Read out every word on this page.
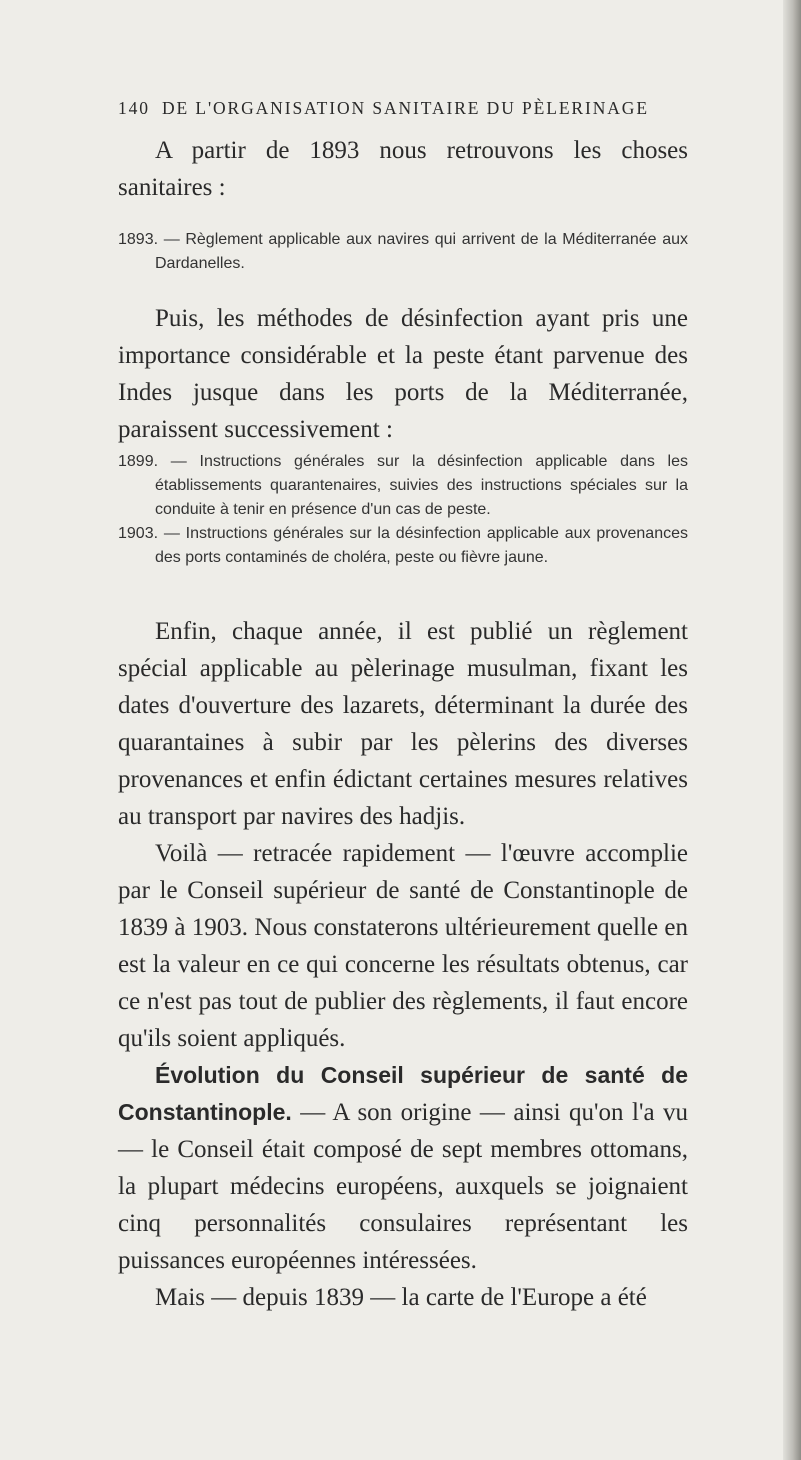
140 DE L'ORGANISATION SANITAIRE DU PÈLERINAGE

A partir de 1893 nous retrouvons les choses sanitaires :

1893. — Règlement applicable aux navires qui arrivent de la Méditerranée aux Dardanelles.

Puis, les méthodes de désinfection ayant pris une importance considérable et la peste étant parvenue des Indes jusque dans les ports de la Méditerranée, paraissent successivement :

1899. — Instructions générales sur la désinfection applicable dans les établissements quarantenaires, suivies des instructions spéciales sur la conduite à tenir en présence d'un cas de peste.

1903. — Instructions générales sur la désinfection applicable aux provenances des ports contaminés de choléra, peste ou fièvre jaune.

Enfin, chaque année, il est publié un règlement spécial applicable au pèlerinage musulman, fixant les dates d'ouverture des lazarets, déterminant la durée des quarantaines à subir par les pèlerins des diverses provenances et enfin édictant certaines mesures relatives au transport par navires des hadjis.

Voilà — retracée rapidement — l'œuvre accomplie par le Conseil supérieur de santé de Constantinople de 1839 à 1903. Nous constaterons ultérieurement quelle en est la valeur en ce qui concerne les résultats obtenus, car ce n'est pas tout de publier des règlements, il faut encore qu'ils soient appliqués.

Évolution du Conseil supérieur de santé de Constantinople. — A son origine — ainsi qu'on l'a vu — le Conseil était composé de sept membres ottomans, la plupart médecins européens, auxquels se joignaient cinq personnalités consulaires représentant les puissances européennes intéressées.

Mais — depuis 1839 — la carte de l'Europe a été
